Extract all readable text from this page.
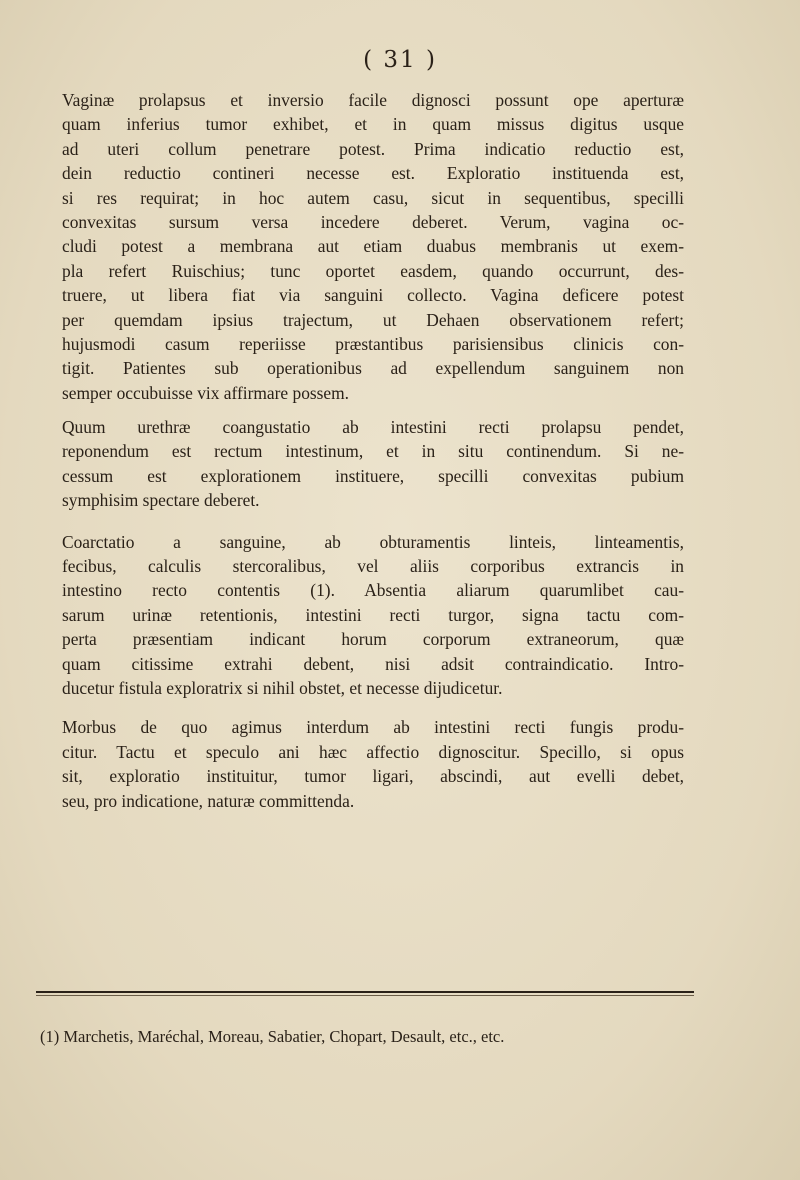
( 31 )
Vaginæ prolapsus et inversio facile dignosci possunt ope aperturæ
quam inferius tumor exhibet, et in quam missus digitus usque
ad uteri collum penetrare potest. Prima indicatio reductio est,
dein reductio contineri necesse est. Exploratio instituenda est,
si res requirat; in hoc autem casu, sicut in sequentibus, specilli
convexitas sursum versa incedere deberet. Verum, vagina oc-
cludi potest a membrana aut etiam duabus membranis ut exem-
pla refert Ruischius; tunc oportet easdem, quando occurrunt, des-
truere, ut libera fiat via sanguini collecto. Vagina deficere potest
per quemdam ipsius trajectum, ut Dehaen observationem refert;
hujusmodi casum reperiisse præstantibus parisiensibus clinicis con-
tigit. Patientes sub operationibus ad expellendum sanguinem non
semper occubuisse vix affirmare possem.
Quum urethræ coangustatio ab intestini recti prolapsu pendet,
reponendum est rectum intestinum, et in situ continendum. Si ne-
cessum est explorationem instituere, specilli convexitas pubium
symphisim spectare deberet.
Coarctatio a sanguine, ab obturamentis linteis, linteamentis,
fecibus, calculis stercoralibus, vel aliis corporibus extrancis in
intestino recto contentis (1). Absentia aliarum quarumlibet cau-
sarum urinæ retentionis, intestini recti turgor, signa tactu com-
perta præsentiam indicant horum corporum extraneorum, quæ
quam citissime extrahi debent, nisi adsit contraindicatio. Intro-
ducetur fistula exploratrix si nihil obstet, et necesse dijudicetur.
Morbus de quo agimus interdum ab intestini recti fungis produ-
citur. Tactu et speculo ani hæc affectio dignoscitur. Specillo, si opus
sit, exploratio instituitur, tumor ligari, abscindi, aut evelli debet,
seu, pro indicatione, naturæ committenda.
(1) Marchetis, Maréchal, Moreau, Sabatier, Chopart, Desault, etc., etc.
